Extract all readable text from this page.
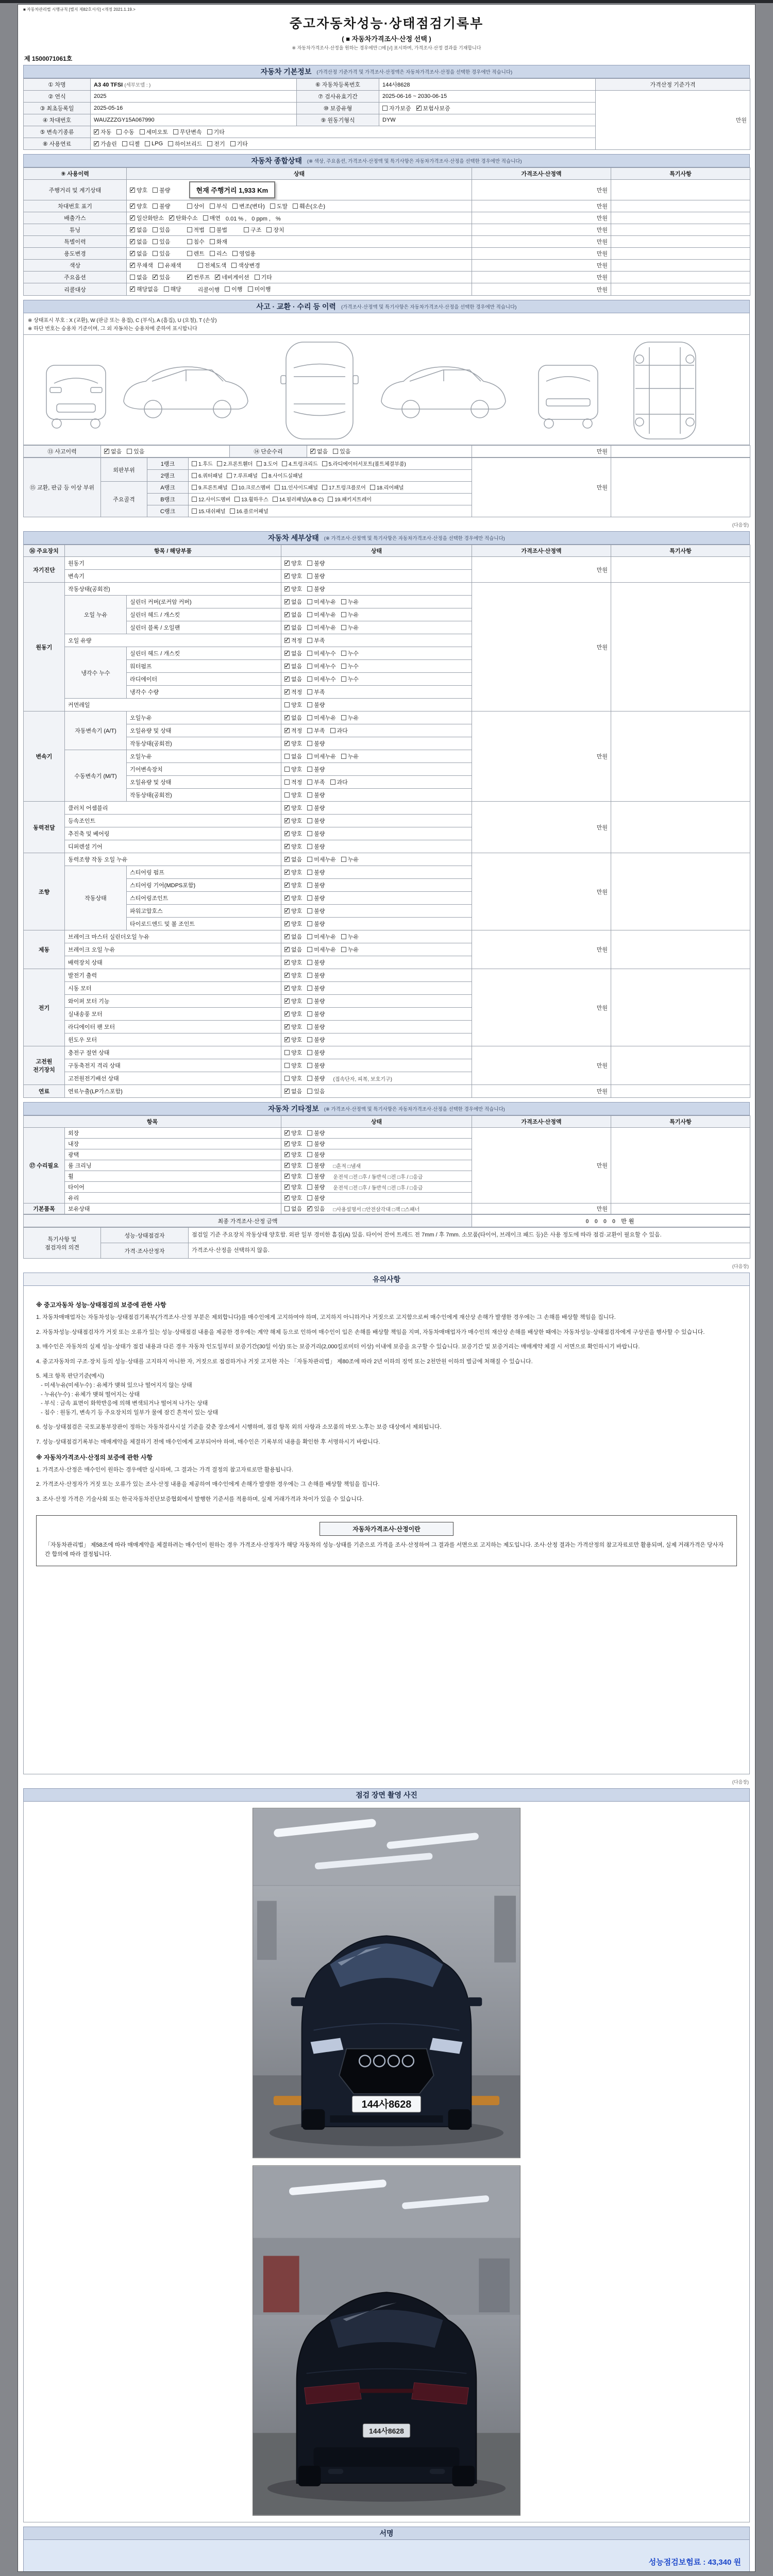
■ 자동차관리법 시행규칙 [별지 제82호서식] <개정 2021.1.19.>
중고자동차성능·상태점검기록부
( ■ 자동차가격조사·산정 선택 )
※ 자동차가격조사·산정을 원하는 경우에만 □에 [√] 표시하며, 가격조사·산정 결과를 기재합니다
제 1500071061호
자동차 기본정보 (가격산정 기준가격 및 가격조사·산정액은 자동차가격조사·산정을 선택한 경우에만 적습니다)
① 차명	A3 40 TFSI (세부모델 : )	⑥ 자동차등록번호	144사8628	가격산정 기준가격
② 연식	2025	⑦ 검사유효기간	2025-06-16 ~ 2030-06-15	만원
③ 최초등록일	2025-05-16	⑩ 보증유형	자가보증 ✓ 보험사보증

④ 차대번호	WAUZZZGY15A067990	⑨ 원동기형식	DYW	
⑤ 변속기종류	
✓자동 수동 세미오토 무단변속 기타

⑧ 사용연료	
✓가솔린 디젤 LPG 하이브리드 전기 기타
자동차 종합상태 (※ 색상, 주요옵션, 가격조사·산정액 및 특기사항은 자동차가격조사·산정을 선택한 경우에만 적습니다)
⑨ 사용이력	상태	가격조사·산정액	특기사항
주행거리 및 계기상태	
✓양호 불량 현재 주행거리 1,933 Km	만원	
차대번호 표기	
✓양호 불량	상이 부식 변조(변타) 도말 훼손(오손)	만원	
배출가스	
✓일산화탄소 ✓ 탄화수소 매연 0.01 % , 0 ppm , %	만원	
튜닝	
✓없음 있음	적법 불법	구조 장치	만원	
특별이력	
✓없음 있음 침수 화재	만원	
용도변경	
✓없음 있음 렌트 리스 영업용	만원	
색상	
✓무채색 유채색 전체도색 색상변경	만원	
주요옵션	없음 ✓ 있음 ✓ 썬루프 ✓ 네비게이션 기타	만원	
리콜대상	
✓해당없음 해당 리콜이행 이행 미이행	만원	
사고 · 교환 · 수리 등 이력 (가격조사·산정액 및 특기사항은 자동차가격조사·산정을 선택한 경우에만 적습니다)
※ 상태표시 부호 : X (교환), W (판금 또는 용접), C (부식), A (흠집), U (요철), T (손상)
※ 하단 번호는 승용차 기준이며, 그 외 자동차는 승용차에 준하여 표시합니다
⑬ 사고이력	
✓없음 있음	⑭ 단순수리	
✓없음 있음	만원	
⑮ 교환, 판금 등 이상 부위	외판부위	1랭크	1.후드 2.프론트휀더 3.도어 4.트렁크리드 5.라디에이터서포트(볼트체결부품)	만원	
		2랭크	6.쿼터패널 7.루프패널 8.사이드실패널		

	주요골격	A랭크	9.프론트패널 10.크로스멤버 11.인사이드패널 17.트렁크플로어 18.리어패널		

		B랭크	12.사이드멤버 13.휠하우스 14.필러패널(A·B·C) 19.패키지트레이		

		C랭크	15.대쉬패널 16.플로어패널		
(다음장)
자동차 세부상태 (※ 가격조사·산정액 및 특기사항은 자동차가격조사·산정을 선택한 경우에만 적습니다)
⑯ 주요장치	항목 / 해당부품		상태	가격조사·산정액	특기사항
자기진단	원동기	
✓양호 불량	만원	
	변속기	
✓양호 불량

원동기	작동상태(공회전)	
✓양호 불량	만원	
	오일 누유	실린더 커버(로커암 커버)	
✓없음 미세누유 누유

		실린더 헤드 / 개스킷	
✓없음 미세누유 누유

		실린더 블록 / 오일팬	
✓없음 미세누유 누유

	오일 유량	
✓적정 부족

	냉각수 누수	실린더 헤드 / 개스킷	
✓없음 미세누수 누수

		워터펌프	
✓없음 미세누수 누수

		라디에이터	
✓없음 미세누수 누수

		냉각수 수량	
✓적정 부족

	커먼레일		양호 불량		

변속기	자동변속기 (A/T)	오일누유	
✓없음 미세누유 누유	만원	
		오일유량 및 상태	
✓적정 부족 과다

		작동상태(공회전)	
✓양호 불량

	수동변속기 (M/T)	오일누유	없음 미세누유 누유		

		기어변속장치	양호 불량		

		오일유량 및 상태	적정 부족 과다		

		작동상태(공회전)	양호 불량		

동력전달	클러치 어셈블리	
✓양호 불량	만원	
	등속조인트	
✓양호 불량

	추진축 및 베어링	
✓양호 불량

	디퍼렌셜 기어	
✓양호 불량

조향	동력조향 작동 오일 누유	
✓없음 미세누유 누유	만원	
	작동상태	스티어링 펌프	
✓양호 불량

		스티어링 기어(MDPS포함)	
✓양호 불량

		스티어링조인트	
✓양호 불량

		파워고압호스	
✓양호 불량

		타이로드엔드 및 볼 조인트	
✓양호 불량

제동	브레이크 마스터 실린더오일 누유	
✓없음 미세누유 누유	만원	
	브레이크 오일 누유	
✓없음 미세누유 누유

	배력장치 상태	
✓양호 불량

전기	발전기 출력	
✓양호 불량	만원	
	시동 모터	
✓양호 불량

	와이퍼 모터 기능	
✓양호 불량

	실내송풍 모터	
✓양호 불량

	라디에이터 팬 모터	
✓양호 불량

	윈도우 모터	
✓양호 불량

고전원 전기장치	충전구 절연 상태		양호 불량	만원	
	구동축전지 격리 상태		양호 불량		

	고전원전기배선 상태		양호 불량 (접속단자, 피복, 보호기구)		
연료	연료누출(LP가스포함)	
✓없음 있음	만원	
자동차 기타정보 (※ 가격조사·산정액 및 특기사항은 자동차가격조사·산정을 선택한 경우에만 적습니다)
항목		상태	가격조사·산정액	특기사항
⑰ 수리필요	외장	
✓양호 불량	만원	
	내장	
✓양호 불량

	광택	
✓양호 불량

	룸 크리닝	
✓양호 불량 □흔적 □냄새
	휠	
✓양호 불량 운전석 □전 □후 / 동반석 □전 □후 / □응급
	타이어	
✓양호 불량 운전석 □전 □후 / 동반석 □전 □후 / □응급
	유리	
✓양호 불량

기본품목	보유상태	없음 ✓ 있음 □사용설명서 □안전삼각대 □잭 □스패너	만원	
최종 가격조사·산정 금액	0 0 0 0 만원
특기사항 및
점검자의 의견	성능·상태점검자	점검일 기준 주요장치 작동상태 양호함. 외판 일부 경미한 흠집(A) 있음. 타이어 잔여 트레드 전 7mm / 후 7mm. 소모품(타이어, 브레이크 패드 등)은 사용 정도에 따라 점검·교환이 필요할 수 있음.
	가격·조사산정자	가격조사·산정을 선택하지 않음.
(다음장)
유의사항
※ 중고자동차 성능·상태점검의 보증에 관한 사항
1. 자동차매매업자는 자동차성능·상태점검기록부(가격조사·산정 부분은 제외합니다)를 매수인에게 고지하여야 하며, 고지하지 아니하거나 거짓으로 고지함으로써 매수인에게 재산상 손해가 발생한 경우에는 그 손해를 배상할 책임을 집니다.
2. 자동차성능·상태점검자가 거짓 또는 오류가 있는 성능·상태점검 내용을 제공한 경우에는 계약 해제 등으로 인하여 매수인이 입은 손해를 배상할 책임을 지며, 자동차매매업자가 매수인의 재산상 손해를 배상한 때에는 자동차성능·상태점검자에게 구상권을 행사할 수 있습니다.
3. 매수인은 자동차의 실제 성능·상태가 점검 내용과 다른 경우 자동차 인도일부터 보증기간(30일 이상) 또는 보증거리(2,000킬로미터 이상) 이내에 보증을 요구할 수 있습니다. 보증기간 및 보증거리는 매매계약 체결 시 서면으로 확인하시기 바랍니다.
4. 중고자동차의 구조·장치 등의 성능·상태를 고지하지 아니한 자, 거짓으로 점검하거나 거짓 고지한 자는 「자동차관리법」 제80조에 따라 2년 이하의 징역 또는 2천만원 이하의 벌금에 처해질 수 있습니다.
5. 체크 항목 판단기준(예시)
- 미세누유(미세누수) : 유체가 맺혀 있으나 떨어지지 않는 상태
- 누유(누수) : 유체가 맺혀 떨어지는 상태
- 부식 : 금속 표면이 화학반응에 의해 변색되거나 떨어져 나가는 상태
- 침수 : 원동기, 변속기 등 주요장치의 일부가 물에 잠긴 흔적이 있는 상태
6. 성능·상태점검은 국토교통부장관이 정하는 자동차검사시설 기준을 갖춘 장소에서 시행하며, 점검 항목 외의 사항과 소모품의 마모·노후는 보증 대상에서 제외됩니다.
7. 성능·상태점검기록부는 매매계약을 체결하기 전에 매수인에게 교부되어야 하며, 매수인은 기록부의 내용을 확인한 후 서명하시기 바랍니다.
※ 자동차가격조사·산정의 보증에 관한 사항
1. 가격조사·산정은 매수인이 원하는 경우에만 실시하며, 그 결과는 가격 결정의 참고자료로만 활용됩니다.
2. 가격조사·산정자가 거짓 또는 오류가 있는 조사·산정 내용을 제공하여 매수인에게 손해가 발생한 경우에는 그 손해를 배상할 책임을 집니다.
3. 조사·산정 가격은 기술사회 또는 한국자동차진단보증협회에서 발행한 기준서를 적용하며, 실제 거래가격과 차이가 있을 수 있습니다.
자동차가격조사·산정이란
「자동차관리법」 제58조에 따라 매매계약을 체결하려는 매수인이 원하는 경우 가격조사·산정자가 해당 자동차의 성능·상태를 기준으로 가격을 조사·산정하여 그 결과를 서면으로 고지하는 제도입니다. 조사·산정 결과는 가격산정의 참고자료로만 활용되며, 실제 거래가격은 당사자 간 합의에 따라 결정됩니다.
(다음장)
점검 장면 촬영 사진
144사8628
144사8628
서명
성능점검보험료 : 43,340 원
